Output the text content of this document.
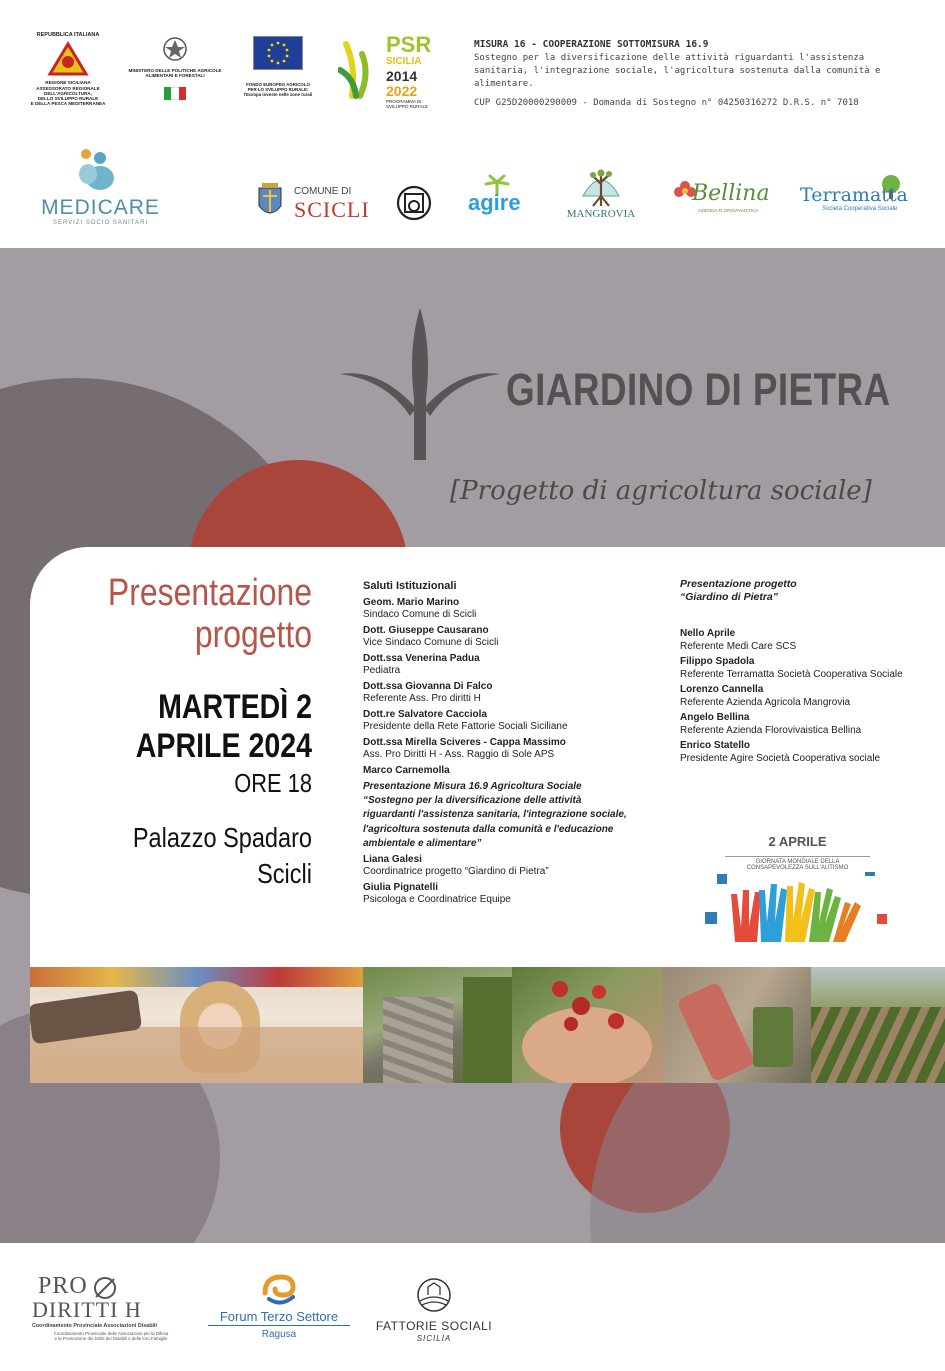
REPUBBLICA ITALIANA
REGIONE SICILIANA
ASSESSORATO REGIONALE
DELL'AGRICOLTURA,
DELLO SVILUPPO RURALE
E DELLA PESCA MEDITERRANEA
MINISTERO DELLE POLITICHE AGRICOLE
ALIMENTARI E FORESTALI
FONDO EUROPEO AGRICOLO
PER LO SVILUPPO RURALE:
l'Europa investe nelle zone rurali
PSR
SICILIA
2014
2022
PROGRAMMA DI
SVILUPPO RURALE
MISURA 16 - COOPERAZIONE SOTTOMISURA 16.9
Sostegno per la diversificazione delle attività riguardanti l'assistenza sanitaria, l'integrazione sociale, l'agricoltura sostenuta dalla comunità e alimentare.
CUP G25D20000290009 - Domanda di Sostegno n° 04250316272 D.R.S. n° 7018
MEDICARE
SERVIZI SOCIO SANITARI
COMUNE DI
SCICLI	agire	MANGROVIA
Bellina
AZIENDA FLOROVIVAISTICA
Terramatta
Società Cooperativa Sociale
GIARDINO DI PIETRA
[Progetto di agricoltura sociale]
Presentazione
progetto
MARTEDÌ 2
APRILE 2024
ORE 18
Palazzo Spadaro
Scicli
Saluti Istituzionali
Geom. Mario Marino
Sindaco Comune di Scicli
Dott. Giuseppe Causarano
Vice Sindaco Comune di Scicli
Dott.ssa Venerina Padua
Pediatra
Dott.ssa Giovanna Di Falco
Referente Ass. Pro diritti H
Dott.re Salvatore Cacciola
Presidente della Rete Fattorie Sociali Siciliane
Dott.ssa Mirella Sciveres - Cappa Massimo
Ass. Pro Diritti H - Ass. Raggio di Sole APS
Marco Carnemolla
Presentazione Misura 16.9 Agricoltura Sociale “Sostegno per la diversificazione delle attività riguardanti l'assistenza sanitaria, l'integrazione sociale, l'agricoltura sostenuta dalla comunità e l'educazione ambientale e alimentare”
Liana Galesi
Coordinatrice progetto “Giardino di Pietra”
Giulia Pignatelli
Psicologa e Coordinatrice Equipe
Presentazione progetto
“Giardino di Pietra”
Nello Aprile
Referente Medi Care SCS
Filippo Spadola
Referente Terramatta Società Cooperativa Sociale
Lorenzo Cannella
Referente Azienda Agricola Mangrovia
Angelo Bellina
Referente Azienda Florovivaistica Bellina
Enrico Statello
Presidente Agire Società Cooperativa sociale
2 APRILE
GIORNATA MONDIALE DELLA
CONSAPEVOLEZZA SULL'AUTISMO
PRO
DIRITTI H
Coordinamento Provinciale Associazioni Disabili
Coordinamento Provinciale delle Associazioni per la Difesa
e la Promozione dei Diritti dei Disabili e delle loro Famiglie
Forum Terzo Settore
Ragusa
FATTORIE SOCIALI
SICILIA
